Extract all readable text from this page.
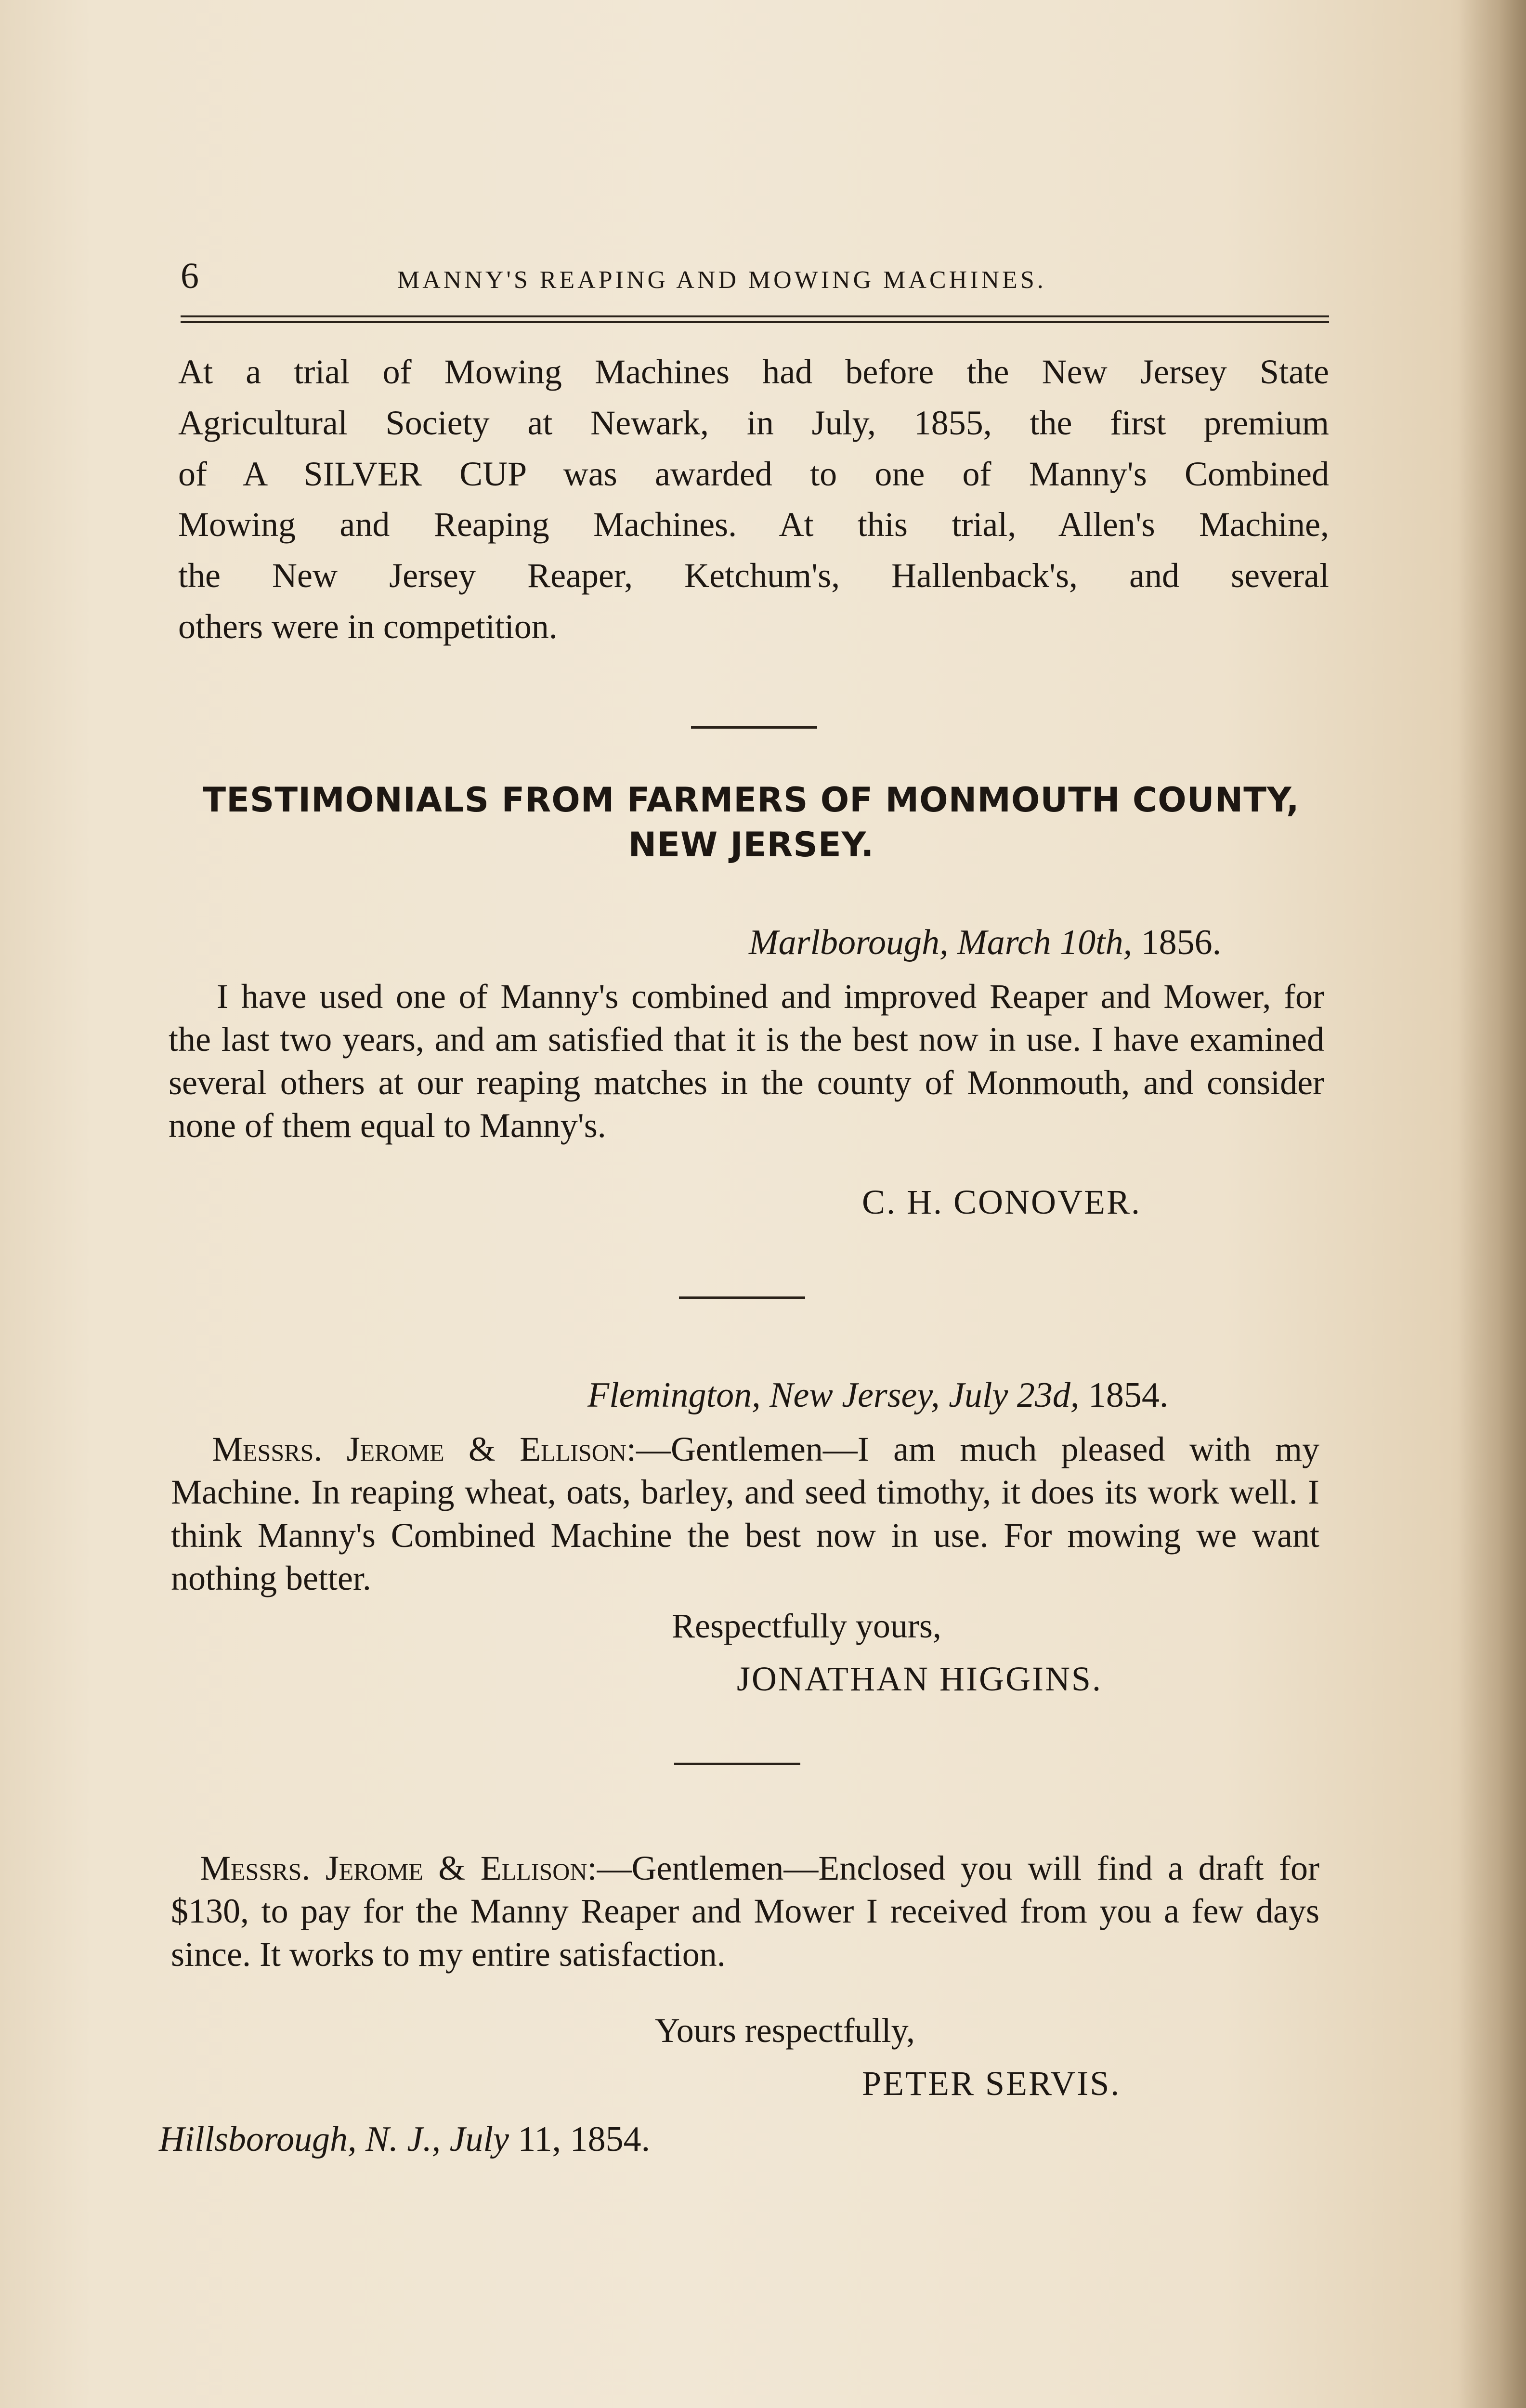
6	MANNY'S REAPING AND MOWING MACHINES.
At a trial of Mowing Machines had before the New Jersey State
Agricultural Society at Newark, in July, 1855, the first premium
of A SILVER CUP was awarded to one of Manny's Combined
Mowing and Reaping Machines. At this trial, Allen's Machine,
the New Jersey Reaper, Ketchum's, Hallenback's, and several
others were in competition.
TESTIMONIALS FROM FARMERS OF MONMOUTH COUNTY,
NEW JERSEY.
Marlborough, March 10th, 1856.

I have used one of Manny's combined and improved Reaper and Mower, for the last two years, and am satisfied that it is the best now in use. I have examined several others at our reaping matches in the county of Monmouth, and consider none of them equal to Manny's.

C. H. CONOVER.
Flemington, New Jersey, July 23d, 1854.

Messrs. Jerome & Ellison:—Gentlemen—I am much pleased with my Machine. In reaping wheat, oats, barley, and seed timothy, it does its work well. I think Manny's Combined Machine the best now in use. For mowing we want nothing better.

Respectfully yours,
JONATHAN HIGGINS.

Messrs. Jerome & Ellison:—Gentlemen—Enclosed you will find a draft for $130, to pay for the Manny Reaper and Mower I received from you a few days since. It works to my entire satisfaction.

Yours respectfully,
PETER SERVIS.
Hillsborough, N. J., July 11, 1854.
